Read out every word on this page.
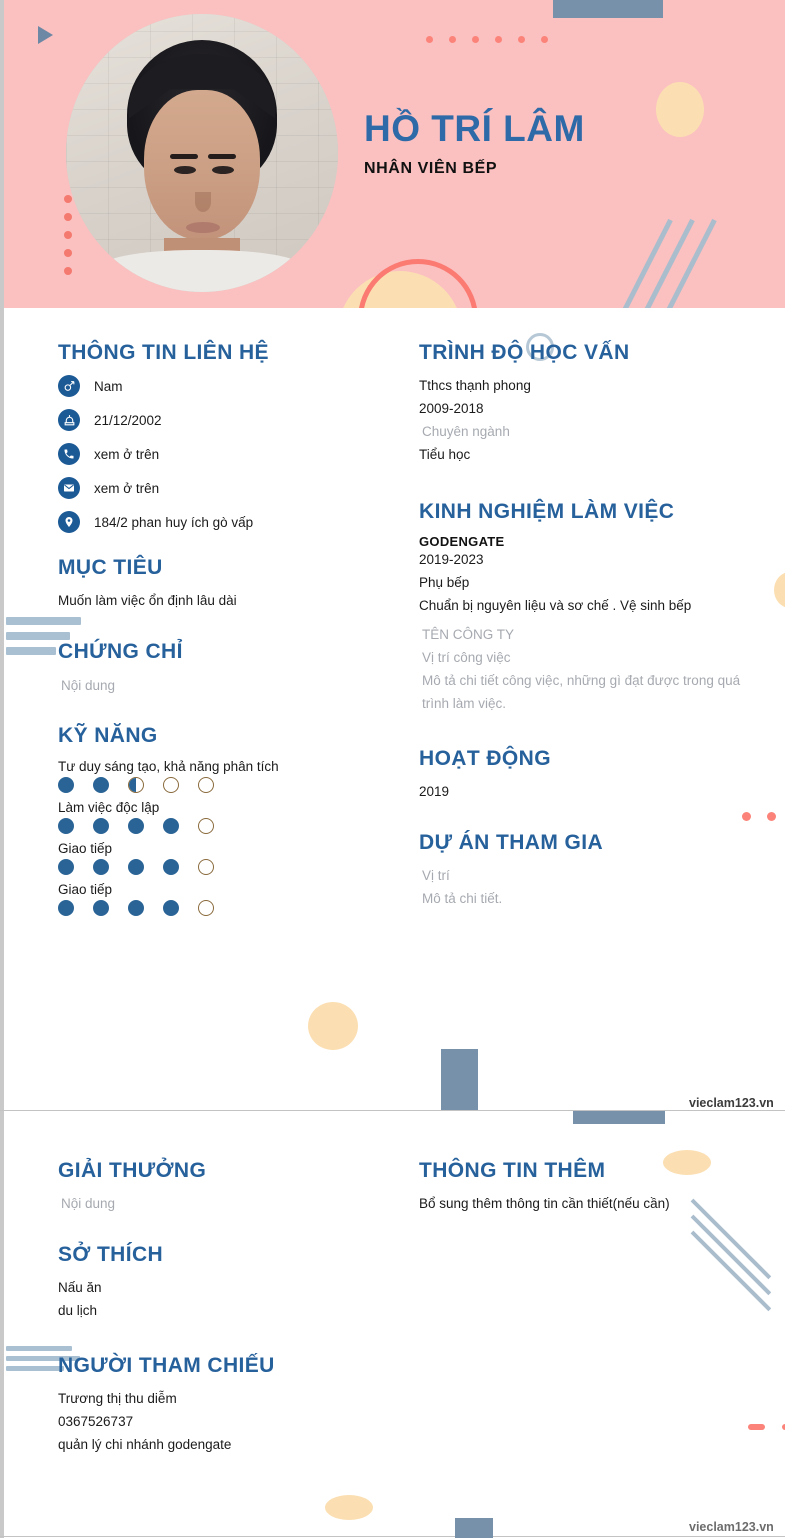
HỒ TRÍ LÂM
NHÂN VIÊN BẾP
THÔNG TIN LIÊN HỆ
Nam
21/12/2002
xem ở trên
xem ở trên
184/2 phan huy ích gò vấp
MỤC TIÊU
Muốn làm việc ổn định lâu dài
CHỨNG CHỈ
Nội dung
KỸ NĂNG
Tư duy sáng tạo, khả năng phân tích
Làm việc độc lập
Giao tiếp
Giao tiếp
TRÌNH ĐỘ HỌC VẤN
Tthcs thạnh phong
2009-2018
Chuyên ngành
Tiểu học
KINH NGHIỆM LÀM VIỆC
GODENGATE
2019-2023
Phụ bếp
Chuẩn bị nguyên liệu và sơ chế . Vệ sinh bếp
TÊN CÔNG TY
Vị trí công việc
Mô tả chi tiết công việc, những gì đạt được trong quá trình làm việc.
HOẠT ĐỘNG
2019
DỰ ÁN THAM GIA
Vị trí
Mô tả chi tiết.
GIẢI THƯỞNG
Nội dung
SỞ THÍCH
Nấu ăn
du lịch
NGƯỜI THAM CHIẾU
Trương thị thu diễm
0367526737
quản lý chi nhánh godengate
THÔNG TIN THÊM
Bổ sung thêm thông tin cần thiết(nếu cần)
vieclam123.vn
vieclam123.vn
